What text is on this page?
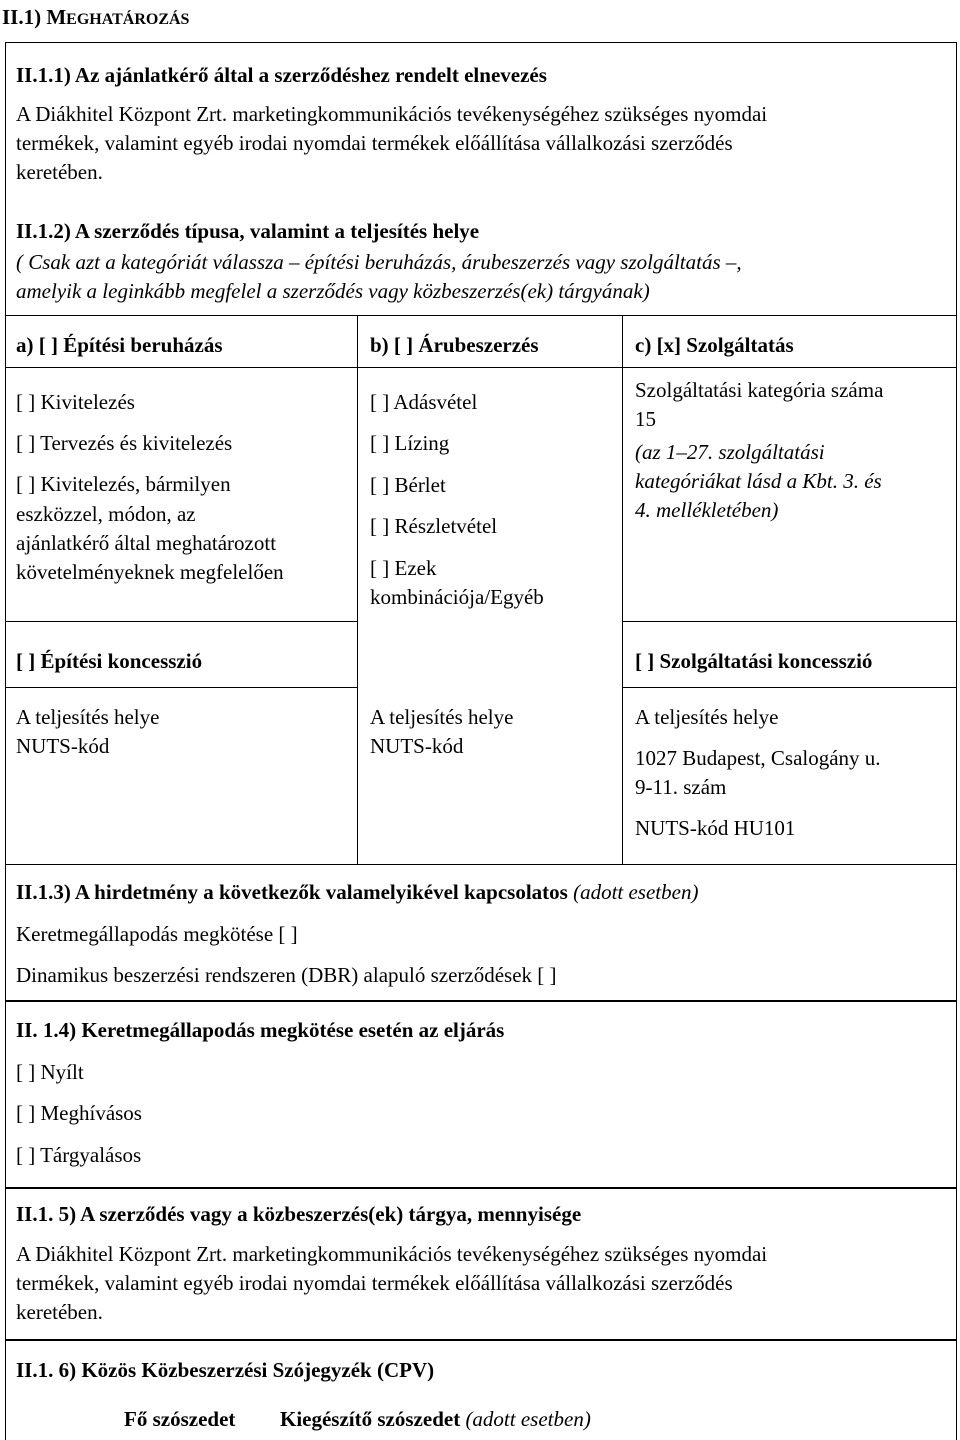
II.1) MEGHATÁROZÁS
II.1.1) Az ajánlatkérő által a szerződéshez rendelt elnevezés
A Diákhitel Központ Zrt. marketingkommunikációs tevékenységéhez szükséges nyomdai
termékek, valamint egyéb irodai nyomdai termékek előállítása vállalkozási szerződés
keretében.
II.1.2) A szerződés típusa, valamint a teljesítés helye
( Csak azt a kategóriát válassza – építési beruházás, árubeszerzés vagy szolgáltatás –,
amelyik a leginkább megfelel a szerződés vagy közbeszerzés(ek) tárgyának)
a) [ ] Építési beruházás
[ ] Kivitelezés
[ ] Tervezés és kivitelezés
[ ] Kivitelezés, bármilyen
eszközzel, módon, az
ajánlatkérő által meghatározott
követelményeknek megfelelően
[ ] Építési koncesszió
A teljesítés helye
NUTS-kód
b) [ ] Árubeszerzés
[ ] Adásvétel
[ ] Lízing
[ ] Bérlet
[ ] Részletvétel
[ ] Ezek
kombinációja/Egyéb
A teljesítés helye
NUTS-kód
c) [x] Szolgáltatás
Szolgáltatási kategória száma
15
(az 1–27. szolgáltatási
kategóriákat lásd a Kbt. 3. és
4. mellékletében)
[ ] Szolgáltatási koncesszió
A teljesítés helye
1027 Budapest, Csalogány u.
9-11. szám
NUTS-kód HU101
II.1.3) A hirdetmény a következők valamelyikével kapcsolatos (adott esetben)
Keretmegállapodás megkötése [ ]
Dinamikus beszerzési rendszeren (DBR) alapuló szerződések [ ]
II. 1.4) Keretmegállapodás megkötése esetén az eljárás
[ ] Nyílt
[ ] Meghívásos
[ ] Tárgyalásos
II.1. 5) A szerződés vagy a közbeszerzés(ek) tárgya, mennyisége
A Diákhitel Központ Zrt. marketingkommunikációs tevékenységéhez szükséges nyomdai
termékek, valamint egyéb irodai nyomdai termékek előállítása vállalkozási szerződés
keretében.
II.1. 6) Közös Közbeszerzési Szójegyzék (CPV)
Fő szószedet Kiegészítő szószedet (adott esetben)
